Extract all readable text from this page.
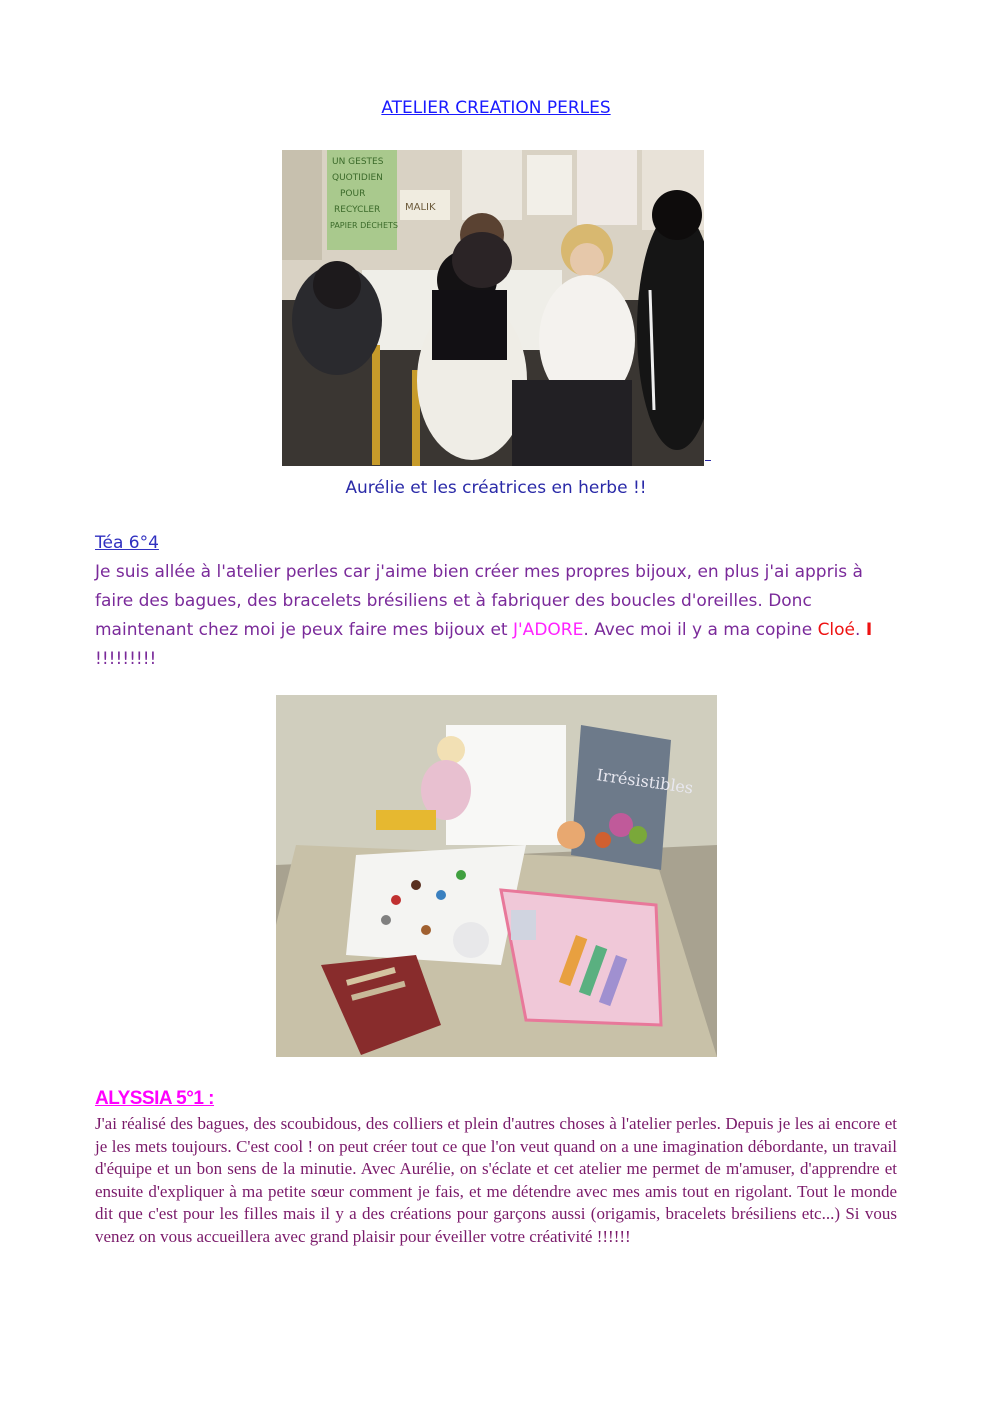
ATELIER CREATION PERLES
UN GESTES
QUOTIDIEN
POUR
RECYCLER
PAPIER DÉCHETS
MALIK
Aurélie et les créatrices en herbe !!
Téa 6°4
Je suis allée à l'atelier perles car j'aime bien créer mes propres bijoux, en plus j'ai appris à faire des bagues, des bracelets brésiliens et à fabriquer des boucles d'oreilles. Donc maintenant chez moi je peux faire mes bijoux et J'ADORE. Avec moi il y a ma copine Cloé. I !!!!!!!!!
Irrésistibles
ALYSSIA 5°1 :
J'ai réalisé des bagues, des scoubidous, des colliers et plein d'autres choses à l'atelier perles. Depuis je les ai encore et je les mets toujours. C'est cool ! on peut créer tout ce que l'on veut quand on a une imagination débordante, un travail d'équipe et un bon sens de la minutie. Avec Aurélie, on s'éclate et cet atelier me permet de m'amuser, d'apprendre et ensuite d'expliquer à ma petite sœur comment je fais, et me détendre avec mes amis tout en rigolant. Tout le monde dit que c'est pour les filles mais il y a des créations pour garçons aussi (origamis, bracelets brésiliens etc...) Si vous venez on vous accueillera avec grand plaisir pour éveiller votre créativité !!!!!!
